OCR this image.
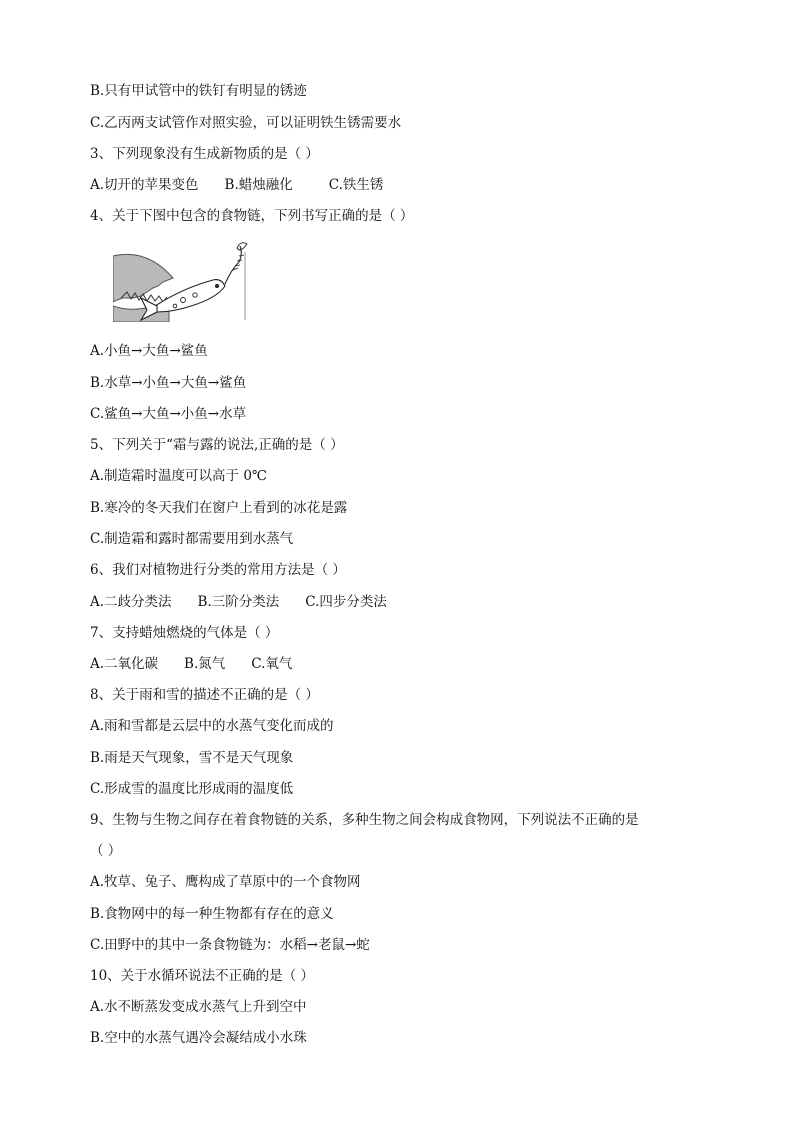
B.只有甲试管中的铁钉有明显的锈迹
C.乙丙两支试管作对照实验，可以证明铁生锈需要水
3、下列现象没有生成新物质的是（ ）
A.切开的苹果变色 B.蜡烛融化	C.铁生锈
4、关于下图中包含的食物链，下列书写正确的是（ ）
A.小鱼→大鱼→鲨鱼
B.水草→小鱼→大鱼→鲨鱼
C.鲨鱼→大鱼→小鱼→水草
5、下列关于“霜与露的说法,正确的是（ ）
A.制造霜时温度可以高于 0℃
B.寒冷的冬天我们在窗户上看到的冰花是露
C.制造霜和露时都需要用到水蒸气
6、我们对植物进行分类的常用方法是（ ）
A.二歧分类法 B.三阶分类法 C.四步分类法
7、支持蜡烛燃烧的气体是（ ）
A.二氧化碳 B.氮气 C.氧气
8、关于雨和雪的描述不正确的是（ ）
A.雨和雪都是云层中的水蒸气变化而成的
B.雨是天气现象，雪不是天气现象
C.形成雪的温度比形成雨的温度低
9、生物与生物之间存在着食物链的关系，多种生物之间会构成食物网，下列说法不正确的是
（ ）
A.牧草、兔子、鹰构成了草原中的一个食物网
B.食物网中的每一种生物都有存在的意义
C.田野中的其中一条食物链为：水稻→老鼠→蛇
10、关于水循环说法不正确的是（ ）
A.水不断蒸发变成水蒸气上升到空中
B.空中的水蒸气遇冷会凝结成小水珠
